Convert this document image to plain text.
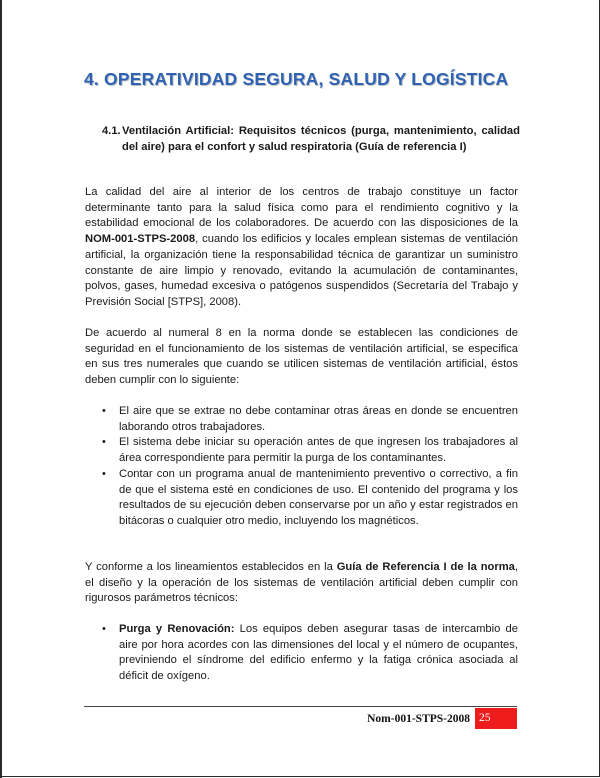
4. OPERATIVIDAD SEGURA, SALUD Y LOGÍSTICA
4.1. Ventilación Artificial: Requisitos técnicos (purga, mantenimiento, calidad del aire) para el confort y salud respiratoria (Guía de referencia I)
La calidad del aire al interior de los centros de trabajo constituye un factor determinante tanto para la salud física como para el rendimiento cognitivo y la estabilidad emocional de los colaboradores. De acuerdo con las disposiciones de la NOM-001-STPS-2008, cuando los edificios y locales emplean sistemas de ventilación artificial, la organización tiene la responsabilidad técnica de garantizar un suministro constante de aire limpio y renovado, evitando la acumulación de contaminantes, polvos, gases, humedad excesiva o patógenos suspendidos (Secretaría del Trabajo y Previsión Social [STPS], 2008).
De acuerdo al numeral 8 en la norma donde se establecen las condiciones de seguridad en el funcionamiento de los sistemas de ventilación artificial, se especifica en sus tres numerales que cuando se utilicen sistemas de ventilación artificial, éstos deben cumplir con lo siguiente:
• El aire que se extrae no debe contaminar otras áreas en donde se encuentren laborando otros trabajadores.
• El sistema debe iniciar su operación antes de que ingresen los trabajadores al área correspondiente para permitir la purga de los contaminantes.
• Contar con un programa anual de mantenimiento preventivo o correctivo, a fin de que el sistema esté en condiciones de uso. El contenido del programa y los resultados de su ejecución deben conservarse por un año y estar registrados en bitácoras o cualquier otro medio, incluyendo los magnéticos.
Y conforme a los lineamientos establecidos en la Guía de Referencia I de la norma, el diseño y la operación de los sistemas de ventilación artificial deben cumplir con rigurosos parámetros técnicos:
• Purga y Renovación: Los equipos deben asegurar tasas de intercambio de aire por hora acordes con las dimensiones del local y el número de ocupantes, previniendo el síndrome del edificio enfermo y la fatiga crónica asociada al déficit de oxígeno.
Nom-001-STPS-2008 25
